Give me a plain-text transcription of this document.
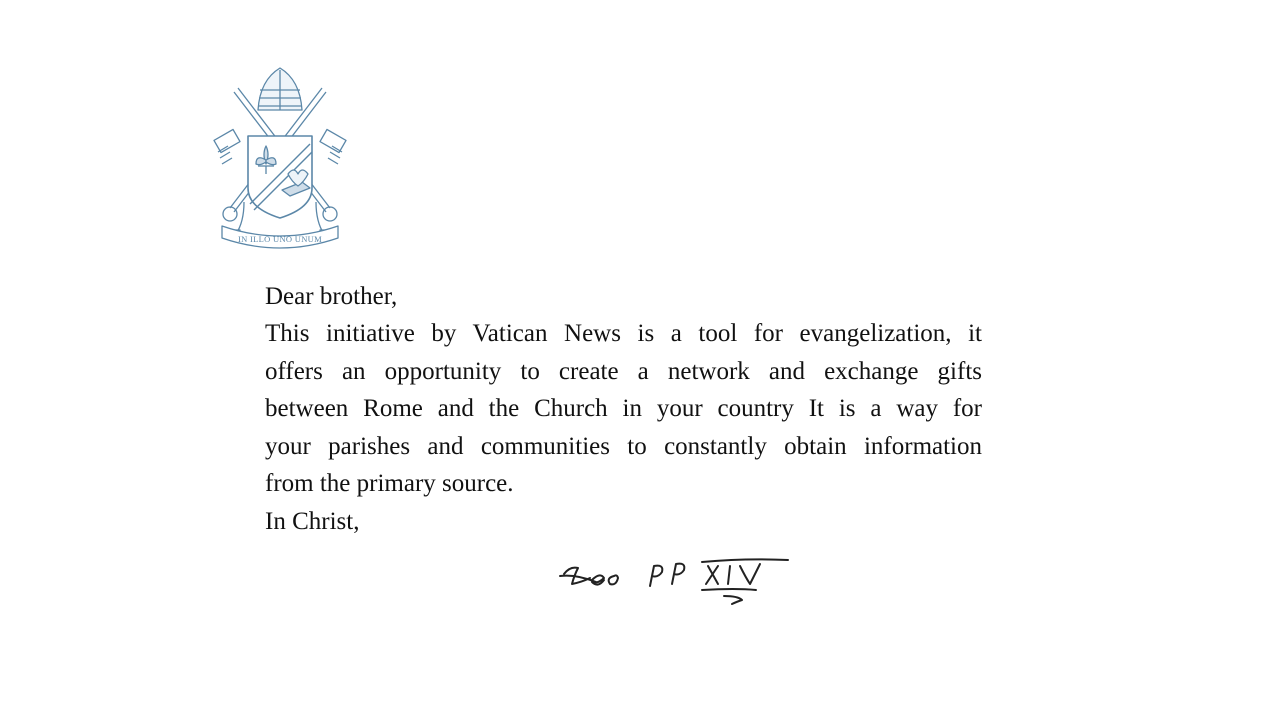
IN ILLO UNO UNUM
Dear brother,
This initiative by Vatican News is a tool for evangelization, it
offers an opportunity to create a network and exchange gifts
between Rome and the Church in your country It is a way for
your parishes and communities to constantly obtain information
from the primary source.
In Christ,
